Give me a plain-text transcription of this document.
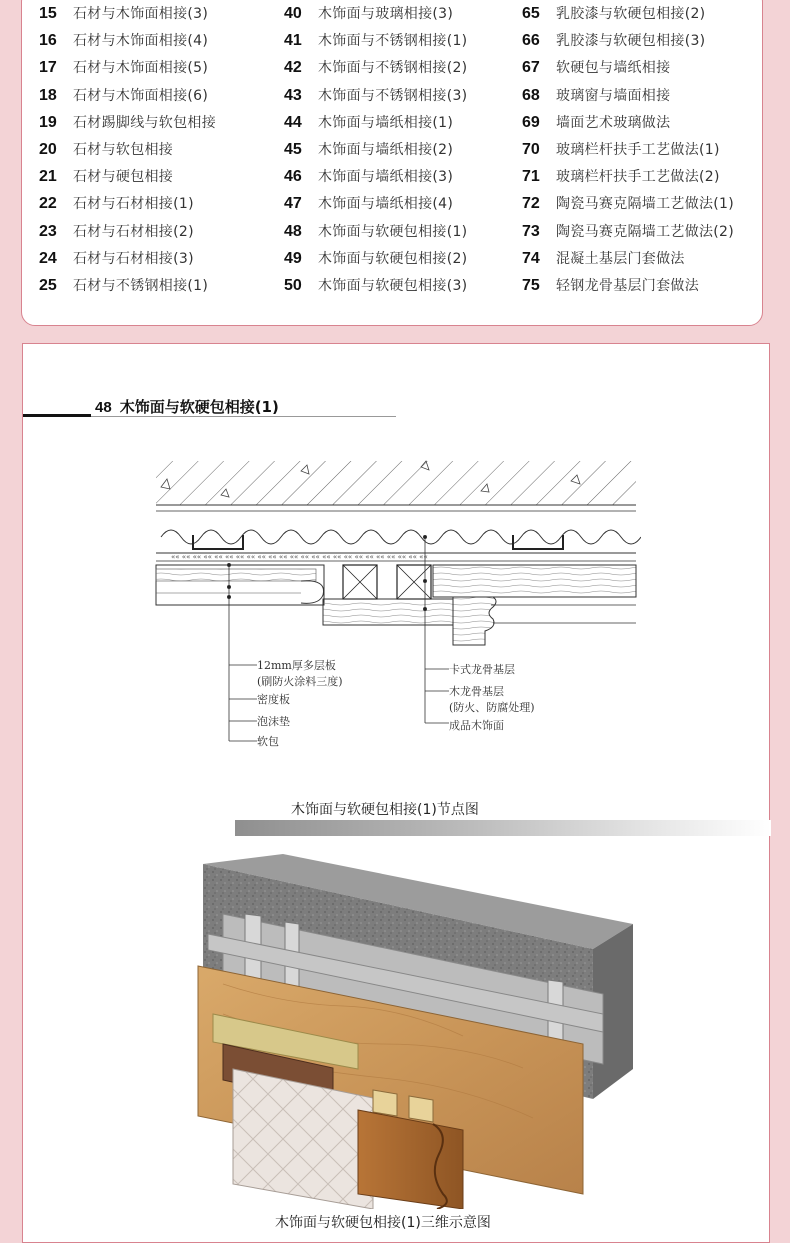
15	石材与木饰面相接(3)
16	石材与木饰面相接(4)
17	石材与木饰面相接(5)
18	石材与木饰面相接(6)
19	石材踢脚线与软包相接
20	石材与软包相接
21	石材与硬包相接
22	石材与石材相接(1)
23	石材与石材相接(2)
24	石材与石材相接(3)
25	石材与不锈钢相接(1)
40	木饰面与玻璃相接(3)
41	木饰面与不锈钢相接(1)
42	木饰面与不锈钢相接(2)
43	木饰面与不锈钢相接(3)
44	木饰面与墙纸相接(1)
45	木饰面与墙纸相接(2)
46	木饰面与墙纸相接(3)
47	木饰面与墙纸相接(4)
48	木饰面与软硬包相接(1)
49	木饰面与软硬包相接(2)
50	木饰面与软硬包相接(3)
65	乳胶漆与软硬包相接(2)
66	乳胶漆与软硬包相接(3)
67	软硬包与墙纸相接
68	玻璃窗与墙面相接
69	墙面艺术玻璃做法
70	玻璃栏杆扶手工艺做法(1)
71	玻璃栏杆扶手工艺做法(2)
72	陶瓷马赛克隔墙工艺做法(1)
73	陶瓷马赛克隔墙工艺做法(2)
74	混凝土基层门套做法
75	轻钢龙骨基层门套做法
48 木饰面与软硬包相接(1)
«« «« «« «« «« «« «« «« «« «« «« «« «« «« «« «« «« «« «« «« «« «« «« ««
12mm厚多层板
(刷防火涂料三度)
密度板
泡沫垫
软包
卡式龙骨基层
木龙骨基层
(防火、防腐处理)
成品木饰面
木饰面与软硬包相接(1)节点图
木饰面与软硬包相接(1)三维示意图
